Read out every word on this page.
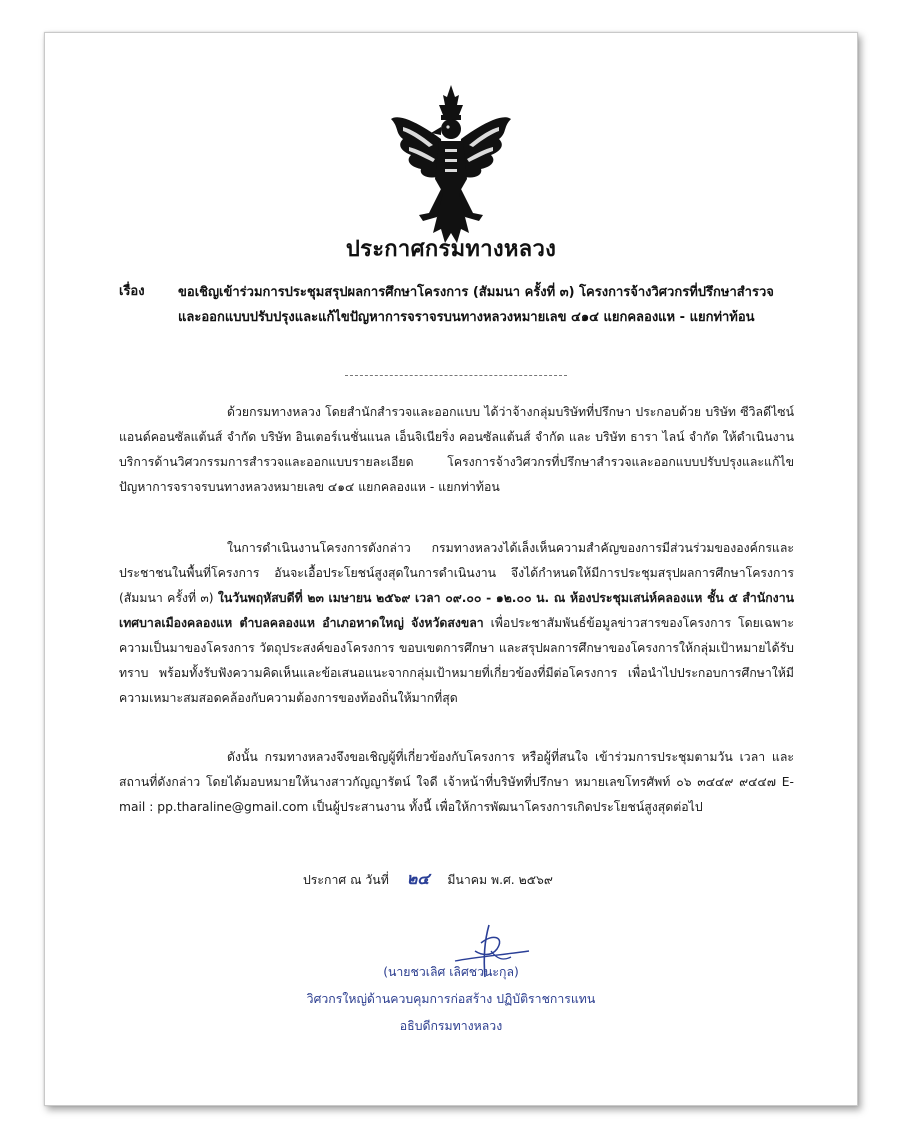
ประกาศกรมทางหลวง
เรื่อง	ขอเชิญเข้าร่วมการประชุมสรุปผลการศึกษาโครงการ (สัมมนา ครั้งที่ ๓) โครงการจ้างวิศวกรที่ปรึกษาสำรวจและออกแบบปรับปรุงและแก้ไขปัญหาการจราจรบนทางหลวงหมายเลข ๔๑๔ แยกคลองแห - แยกท่าท้อน
ด้วยกรมทางหลวง โดยสำนักสำรวจและออกแบบ ได้ว่าจ้างกลุ่มบริษัทที่ปรึกษา ประกอบด้วย บริษัท ซีวิลดีไซน์แอนด์คอนซัลแต้นส์ จำกัด บริษัท อินเตอร์เนชั่นแนล เอ็นจิเนียริ่ง คอนซัลแต้นส์ จำกัด และ บริษัท ธารา ไลน์ จำกัด ให้ดำเนินงานบริการด้านวิศวกรรมการสำรวจและออกแบบรายละเอียด โครงการจ้างวิศวกรที่ปรึกษาสำรวจและออกแบบปรับปรุงและแก้ไขปัญหาการจราจรบนทางหลวงหมายเลข ๔๑๔ แยกคลองแห - แยกท่าท้อน
ในการดำเนินงานโครงการดังกล่าว กรมทางหลวงได้เล็งเห็นความสำคัญของการมีส่วนร่วมขององค์กรและประชาชนในพื้นที่โครงการ อันจะเอื้อประโยชน์สูงสุดในการดำเนินงาน จึงได้กำหนดให้มีการประชุมสรุปผลการศึกษาโครงการ (สัมมนา ครั้งที่ ๓) ในวันพฤหัสบดีที่ ๒๓ เมษายน ๒๕๖๙ เวลา ๐๙.๐๐ - ๑๒.๐๐ น. ณ ห้องประชุมเสน่ห์คลองแห ชั้น ๕ สำนักงานเทศบาลเมืองคลองแห ตำบลคลองแห อำเภอหาดใหญ่ จังหวัดสงขลา เพื่อประชาสัมพันธ์ข้อมูลข่าวสารของโครงการ โดยเฉพาะความเป็นมาของโครงการ วัตถุประสงค์ของโครงการ ขอบเขตการศึกษา และสรุปผลการศึกษาของโครงการให้กลุ่มเป้าหมายได้รับทราบ พร้อมทั้งรับฟังความคิดเห็นและข้อเสนอแนะจากกลุ่มเป้าหมายที่เกี่ยวข้องที่มีต่อโครงการ เพื่อนำไปประกอบการศึกษาให้มีความเหมาะสมสอดคล้องกับความต้องการของท้องถิ่นให้มากที่สุด
ดังนั้น กรมทางหลวงจึงขอเชิญผู้ที่เกี่ยวข้องกับโครงการ หรือผู้ที่สนใจ เข้าร่วมการประชุมตามวัน เวลา และสถานที่ดังกล่าว โดยได้มอบหมายให้นางสาวกัญญารัตน์ ใจดี เจ้าหน้าที่บริษัทที่ปรึกษา หมายเลขโทรศัพท์ ๐๖ ๓๔๔๙ ๙๔๔๗ E-mail : pp.tharaline@gmail.com เป็นผู้ประสานงาน ทั้งนี้ เพื่อให้การพัฒนาโครงการเกิดประโยชน์สูงสุดต่อไป
ประกาศ ณ วันที่ ๒๔ มีนาคม พ.ศ. ๒๕๖๙
(นายชวเลิศ เลิศชวนะกุล)
วิศวกรใหญ่ด้านควบคุมการก่อสร้าง ปฏิบัติราชการแทน
อธิบดีกรมทางหลวง
